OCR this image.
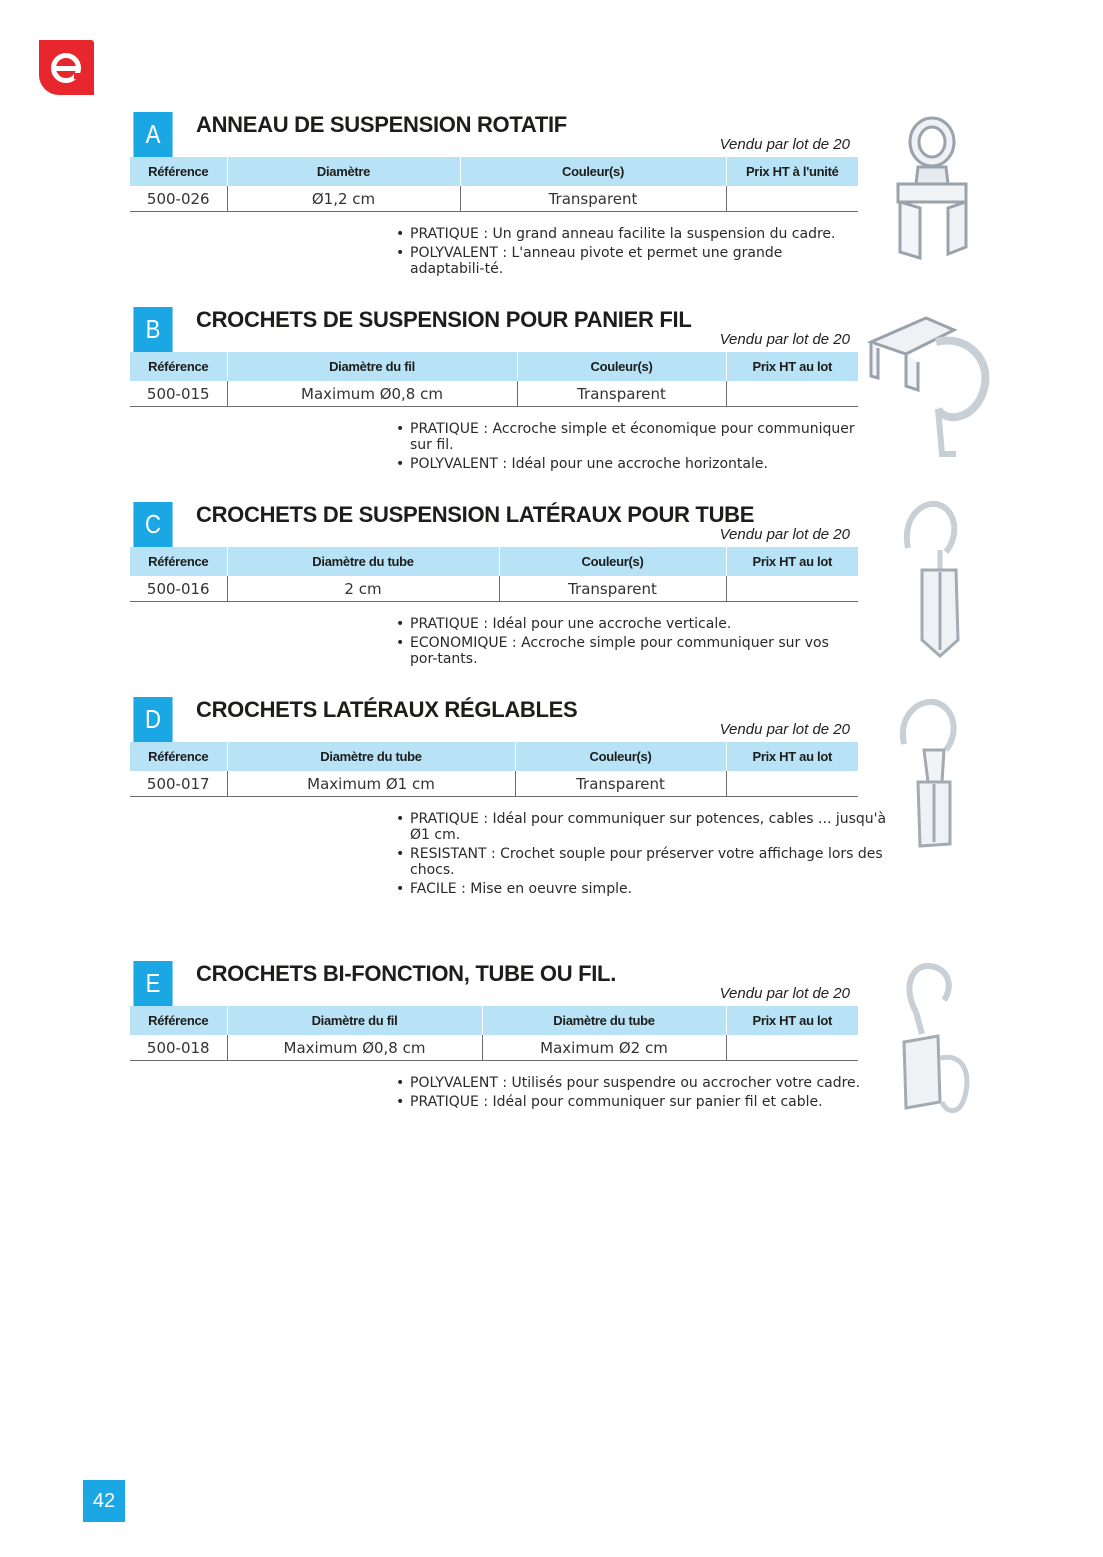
A	ANNEAU DE SUSPENSION ROTATIF
Vendu par lot de 20
Référence	Diamètre	Couleur(s)	Prix HT à l'unité
500-026	Ø1,2 cm	Transparent	
• PRATIQUE : Un grand anneau facilite la suspension du cadre.
• POLYVALENT : L'anneau pivote et permet une grande adaptabili-té.
B	CROCHETS DE SUSPENSION POUR PANIER FIL
Vendu par lot de 20
Référence	Diamètre du fil	Couleur(s)	Prix HT au lot
500-015	Maximum Ø0,8 cm	Transparent	
• PRATIQUE : Accroche simple et économique pour communiquer sur fil.
• POLYVALENT : Idéal pour une accroche horizontale.
C	CROCHETS DE SUSPENSION LATÉRAUX POUR TUBE
Vendu par lot de 20
Référence	Diamètre du tube	Couleur(s)	Prix HT au lot
500-016	2 cm	Transparent	
• PRATIQUE : Idéal pour une accroche verticale.
• ECONOMIQUE : Accroche simple pour communiquer sur vos por-tants.
D	CROCHETS LATÉRAUX RÉGLABLES
Vendu par lot de 20
Référence	Diamètre du tube	Couleur(s)	Prix HT au lot
500-017	Maximum Ø1 cm	Transparent	
• PRATIQUE : Idéal pour communiquer sur potences, cables ... jusqu'à Ø1 cm.
• RESISTANT : Crochet souple pour préserver votre affichage lors des chocs.
• FACILE : Mise en oeuvre simple.
E	CROCHETS BI-FONCTION, TUBE OU FIL.
Vendu par lot de 20
Référence	Diamètre du fil	Diamètre du tube	Prix HT au lot
500-018	Maximum Ø0,8 cm	Maximum Ø2 cm	
• POLYVALENT : Utilisés pour suspendre ou accrocher votre cadre.
• PRATIQUE : Idéal pour communiquer sur panier fil et cable.
42
